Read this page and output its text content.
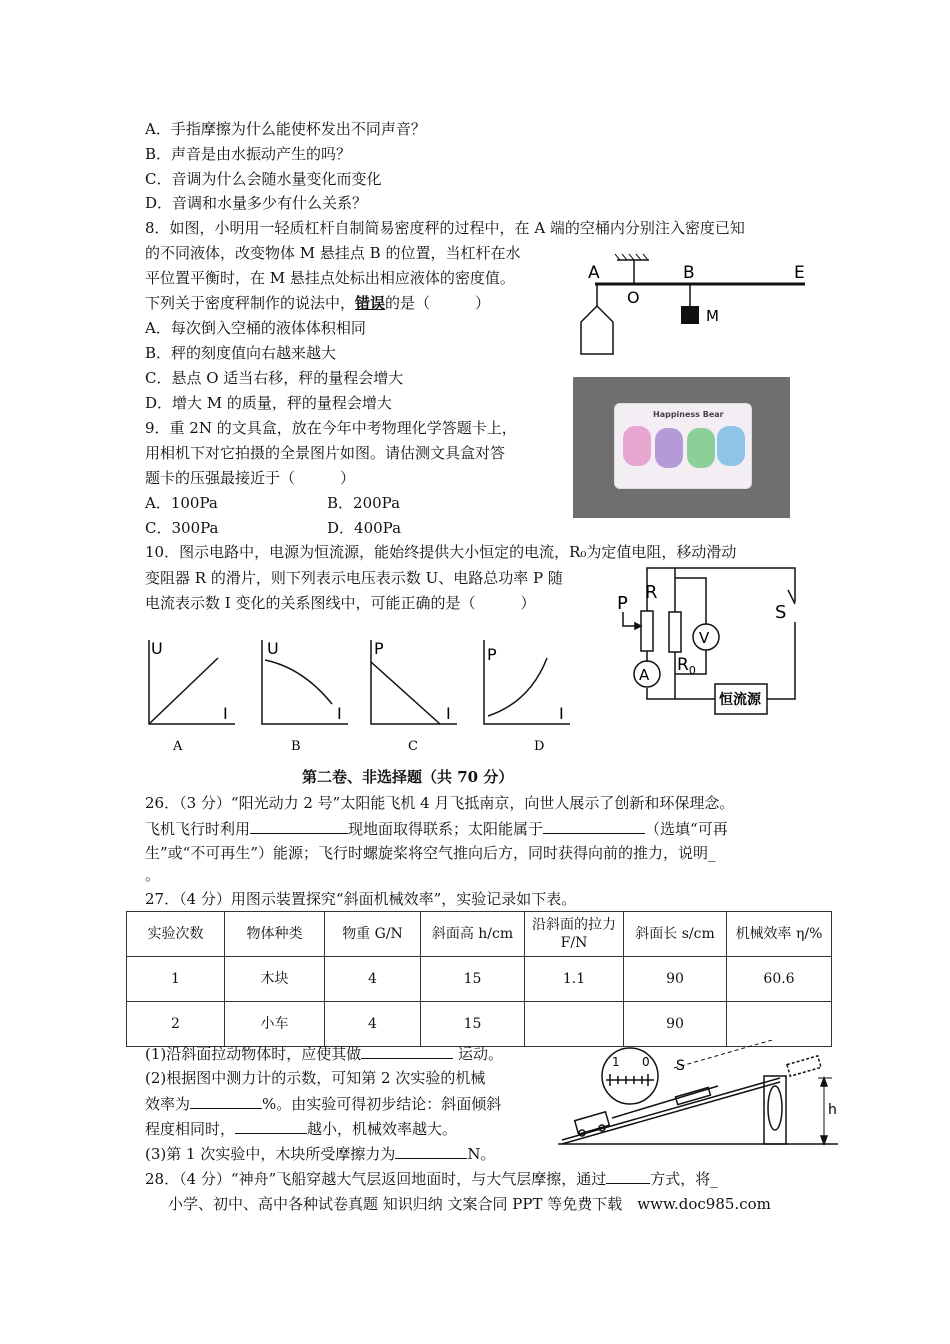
A．手指摩擦为什么能使杯发出不同声音？
B．声音是由水振动产生的吗？
C．音调为什么会随水量变化而变化
D．音调和水量多少有什么关系？
8．如图，小明用一轻质杠杆自制简易密度秤的过程中，在 A 端的空桶内分别注入密度已知
的不同液体，改变物体 M 悬挂点 B 的位置，当杠杆在水
平位置平衡时，在 M 悬挂点处标出相应液体的密度值。
下列关于密度秤制作的说法中，错误的是（　　　）
A．每次倒入空桶的液体体积相同
B．秤的刻度值向右越来越大
C．悬点 O 适当右移，秤的量程会增大
D．增大 M 的质量，秤的量程会增大
A
O
B	E
M
9．重 2N 的文具盒，放在今年中考物理化学答题卡上，
用相机下对它拍摄的全景图片如图。请估测文具盒对答
题卡的压强最接近于（　　　）
A．100Pa	B．200Pa
C．300Pa	D．400Pa
Happiness Bear
10．图示电路中，电源为恒流源，能始终提供大小恒定的电流，R₀为定值电阻，移动滑动
变阻器 R 的滑片，则下列表示电压表示数 U、电路总功率 P 随
电流表示数 I 变化的关系图线中，可能正确的是（　　　）
A
V
P
R
$R_0$
S
恒流源
U
I
A
U
I
B
P
I
C
P
I
D
第二卷、非选择题（共 70 分）
26．（3 分）“阳光动力 2 号”太阳能飞机 4 月飞抵南京，向世人展示了创新和环保理念。
飞机飞行时利用	现地面取得联系；太阳能属于	（选填“可再
生”或“不可再生”）能源；飞行时螺旋桨将空气推向后方，同时获得向前的推力，说明_
。
27．（4 分）用图示装置探究“斜面机械效率”，实验记录如下表。
实验次数	物体种类	物重 G/N	斜面高 h/cm	沿斜面的拉力 F/N	斜面长 s/cm	机械效率 η/%
1	木块	4	15	1.1	90	60.6
2	小车	4	15		90	
(1)沿斜面拉动物体时，应使其做	运动。
(2)根据图中测力计的示数，可知第 2 次实验的机械
效率为	%。由实验可得初步结论：斜面倾斜
程度相同时，	越小，机械效率越大。
(3)第 1 次实验中，木块所受摩擦力为	N。
S
h
1 0
28．（4 分）“神舟”飞船穿越大气层返回地面时，与大气层摩擦，通过	方式，将_
小学、初中、高中各种试卷真题 知识归纳 文案合同 PPT 等免费下载　www.doc985.com
